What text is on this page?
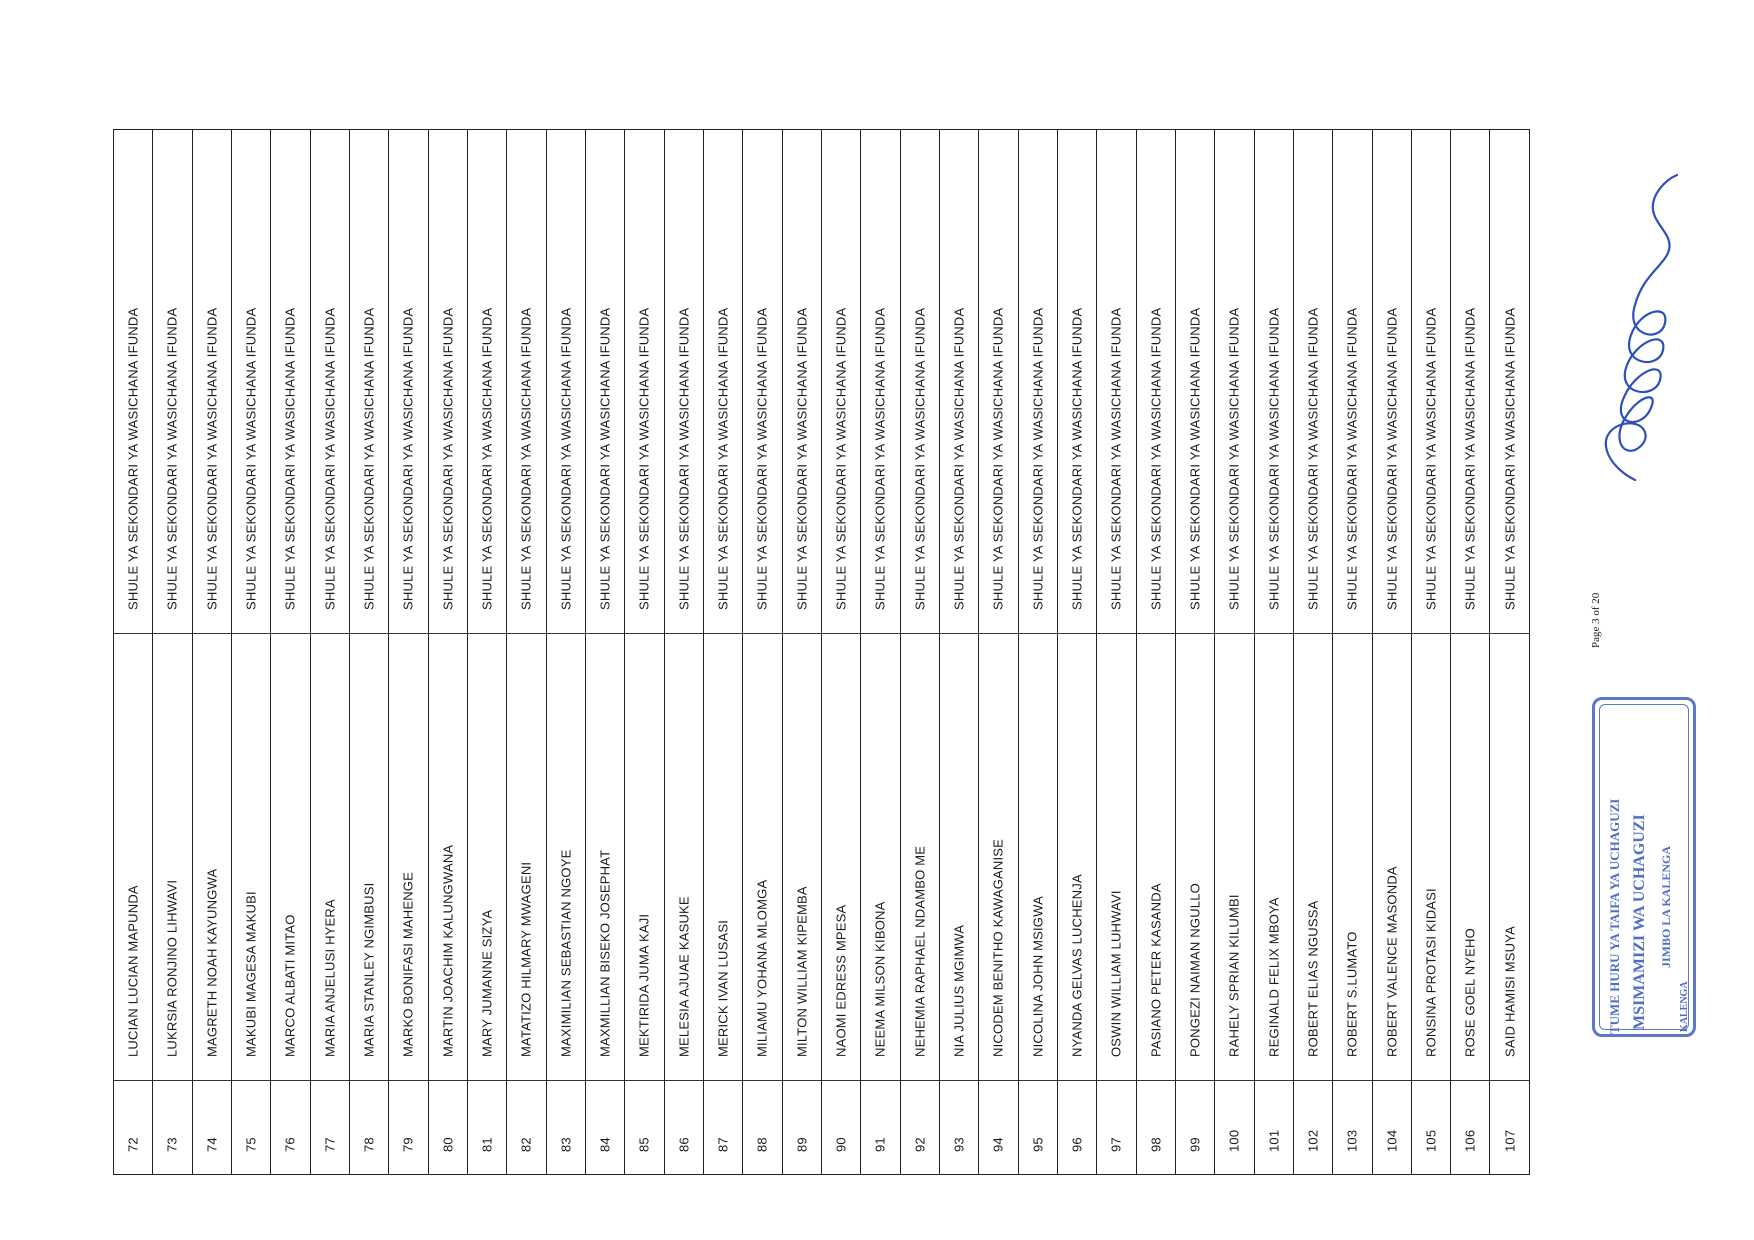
SHULE YA SEKONDARI YA WASICHANA IFUNDA
LUCIAN LUCIAN MAPUNDA
72
SHULE YA SEKONDARI YA WASICHANA IFUNDA
LUKRSIA RONJINO LIHWAVI
73
SHULE YA SEKONDARI YA WASICHANA IFUNDA
MAGRETH NOAH KAYUNGWA
74
SHULE YA SEKONDARI YA WASICHANA IFUNDA
MAKUBI MAGESA MAKUBI
75
SHULE YA SEKONDARI YA WASICHANA IFUNDA
MARCO ALBATI MITAO
76
SHULE YA SEKONDARI YA WASICHANA IFUNDA
MARIA ANJELUSI HYERA
77
SHULE YA SEKONDARI YA WASICHANA IFUNDA
MARIA STANLEY NGIMBUSI
78
SHULE YA SEKONDARI YA WASICHANA IFUNDA
MARKO BONIFASI MAHENGE
79
SHULE YA SEKONDARI YA WASICHANA IFUNDA
MARTIN JOACHIM KALUNGWANA
80
SHULE YA SEKONDARI YA WASICHANA IFUNDA
MARY JUMANNE SIZYA
81
SHULE YA SEKONDARI YA WASICHANA IFUNDA
MATATIZO HILMARY MWAGENI
82
SHULE YA SEKONDARI YA WASICHANA IFUNDA
MAXIMILIAN SEBASTIAN NGOYE
83
SHULE YA SEKONDARI YA WASICHANA IFUNDA
MAXMILLIAN BISEKO JOSEPHAT
84
SHULE YA SEKONDARI YA WASICHANA IFUNDA
MEKTIRIDA JUMA KAJI
85
SHULE YA SEKONDARI YA WASICHANA IFUNDA
MELESIA AJUAE KASUKE
86
SHULE YA SEKONDARI YA WASICHANA IFUNDA
MERICK IVAN LUSASI
87
SHULE YA SEKONDARI YA WASICHANA IFUNDA
MILIAMU YOHANA MLOMGA
88
SHULE YA SEKONDARI YA WASICHANA IFUNDA
MILTON WILLIAM KIPEMBA
89
SHULE YA SEKONDARI YA WASICHANA IFUNDA
NAOMI EDRESS MPESA
90
SHULE YA SEKONDARI YA WASICHANA IFUNDA
NEEMA MILSON KIBONA
91
SHULE YA SEKONDARI YA WASICHANA IFUNDA
NEHEMIA RAPHAEL NDAMBO ME
92
SHULE YA SEKONDARI YA WASICHANA IFUNDA
NIA JULIUS MGIMWA
93
SHULE YA SEKONDARI YA WASICHANA IFUNDA
NICODEM BENITHO KAWAGANISE
94
SHULE YA SEKONDARI YA WASICHANA IFUNDA
NICOLINA JOHN MSIGWA
95
SHULE YA SEKONDARI YA WASICHANA IFUNDA
NYANDA GELVAS LUCHENJA
96
SHULE YA SEKONDARI YA WASICHANA IFUNDA
OSWIN WILLIAM LUHWAVI
97
SHULE YA SEKONDARI YA WASICHANA IFUNDA
PASIANO PETER KASANDA
98
SHULE YA SEKONDARI YA WASICHANA IFUNDA
PONGEZI NAIMAN NGULLO
99
SHULE YA SEKONDARI YA WASICHANA IFUNDA
RAHELY SPRIAN KILUMBI
100
SHULE YA SEKONDARI YA WASICHANA IFUNDA
REGINALD FELIX MBOYA
101
SHULE YA SEKONDARI YA WASICHANA IFUNDA
ROBERT ELIAS NGUSSA
102
SHULE YA SEKONDARI YA WASICHANA IFUNDA
ROBERT S.LUMATO
103
SHULE YA SEKONDARI YA WASICHANA IFUNDA
ROBERT VALENCE MASONDA
104
SHULE YA SEKONDARI YA WASICHANA IFUNDA
RONSINA PROTASI KIDASI
105
SHULE YA SEKONDARI YA WASICHANA IFUNDA
ROSE GOEL NYEHO
106
SHULE YA SEKONDARI YA WASICHANA IFUNDA
SAID HAMISI MSUYA
107
Page 3 of 20
TUME HURU YA TAIFA YA UCHAGUZI MSIMAMIZI WA UCHAGUZI JIMBO LA KALENGA
KALENGA
